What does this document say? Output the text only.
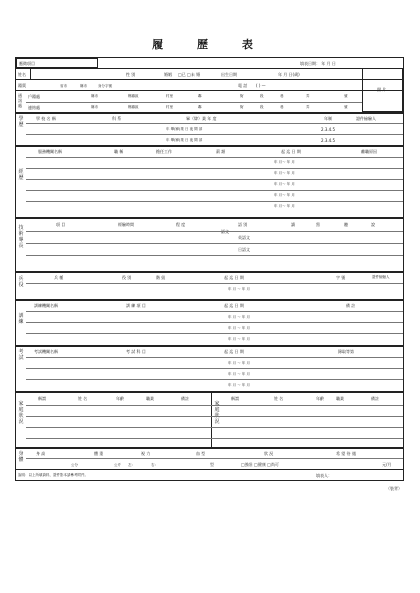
履 歷 表
填表日期： 年 月 日
應徵項目
姓名	性 別	婚姻 □已 □未 婚	出生日期	年 月 日(歲)
籍貫	省市	縣市	身分字號	電 話 ( ) —
照 片
通訊處
戶籍處
連絡處
縣市	鄉鎮區	村里	鄰	街	段	巷	弄	號
縣市	鄉鎮區	村里	鄰	街	段	巷	弄	號
學歷
學 校 名 稱	科 系	畢（肄）業 年 度	年制	證件檢驗人
年 畢(肄)業 日 夜 間 部	2.3.4.5
年 畢(肄)業 日 夜 間 部	2.3.4.5
經歷
服務機關名稱	職 稱	擔任工作	薪 額	起 迄 日 期	離職原因
年 月～ 年 月
年 月～ 年 月
年 月～ 年 月
年 月～ 年 月
年 月～ 年 月
技術專長
項 目	經驗時間	程 度
語文
語 別	讀	寫	聽	說
英語文
日語文
兵役
兵 種	役 別	階 級	起 迄 日 期	字 號	證件檢驗人
年 月 ～ 年 月
訓練
訓練機關名稱	訓 練 項 目	起 迄 日 期	備 註
年 月 ～ 年 月
年 月 ～ 年 月
年 月 ～ 年 月
考試
考試機關名稱	考 試 科 目	起 迄 日 期	錄取等第
年 月 ～ 年 月
年 月 ～ 年 月
年 月 ～ 年 月
家庭狀況
稱謂	姓 名	年齡	職業	備註
家庭狀況
稱謂	姓 名	年齡	職業	備註
身體
身 高	體 重	視 力	血 型	狀 況	希 望 待 遇
公分	公斤 左:	右:	型	□強壯 □健康 □尚可	元/月
說明：以上所填資料，證件影本請參考附件。	填表人：
（裝背）
